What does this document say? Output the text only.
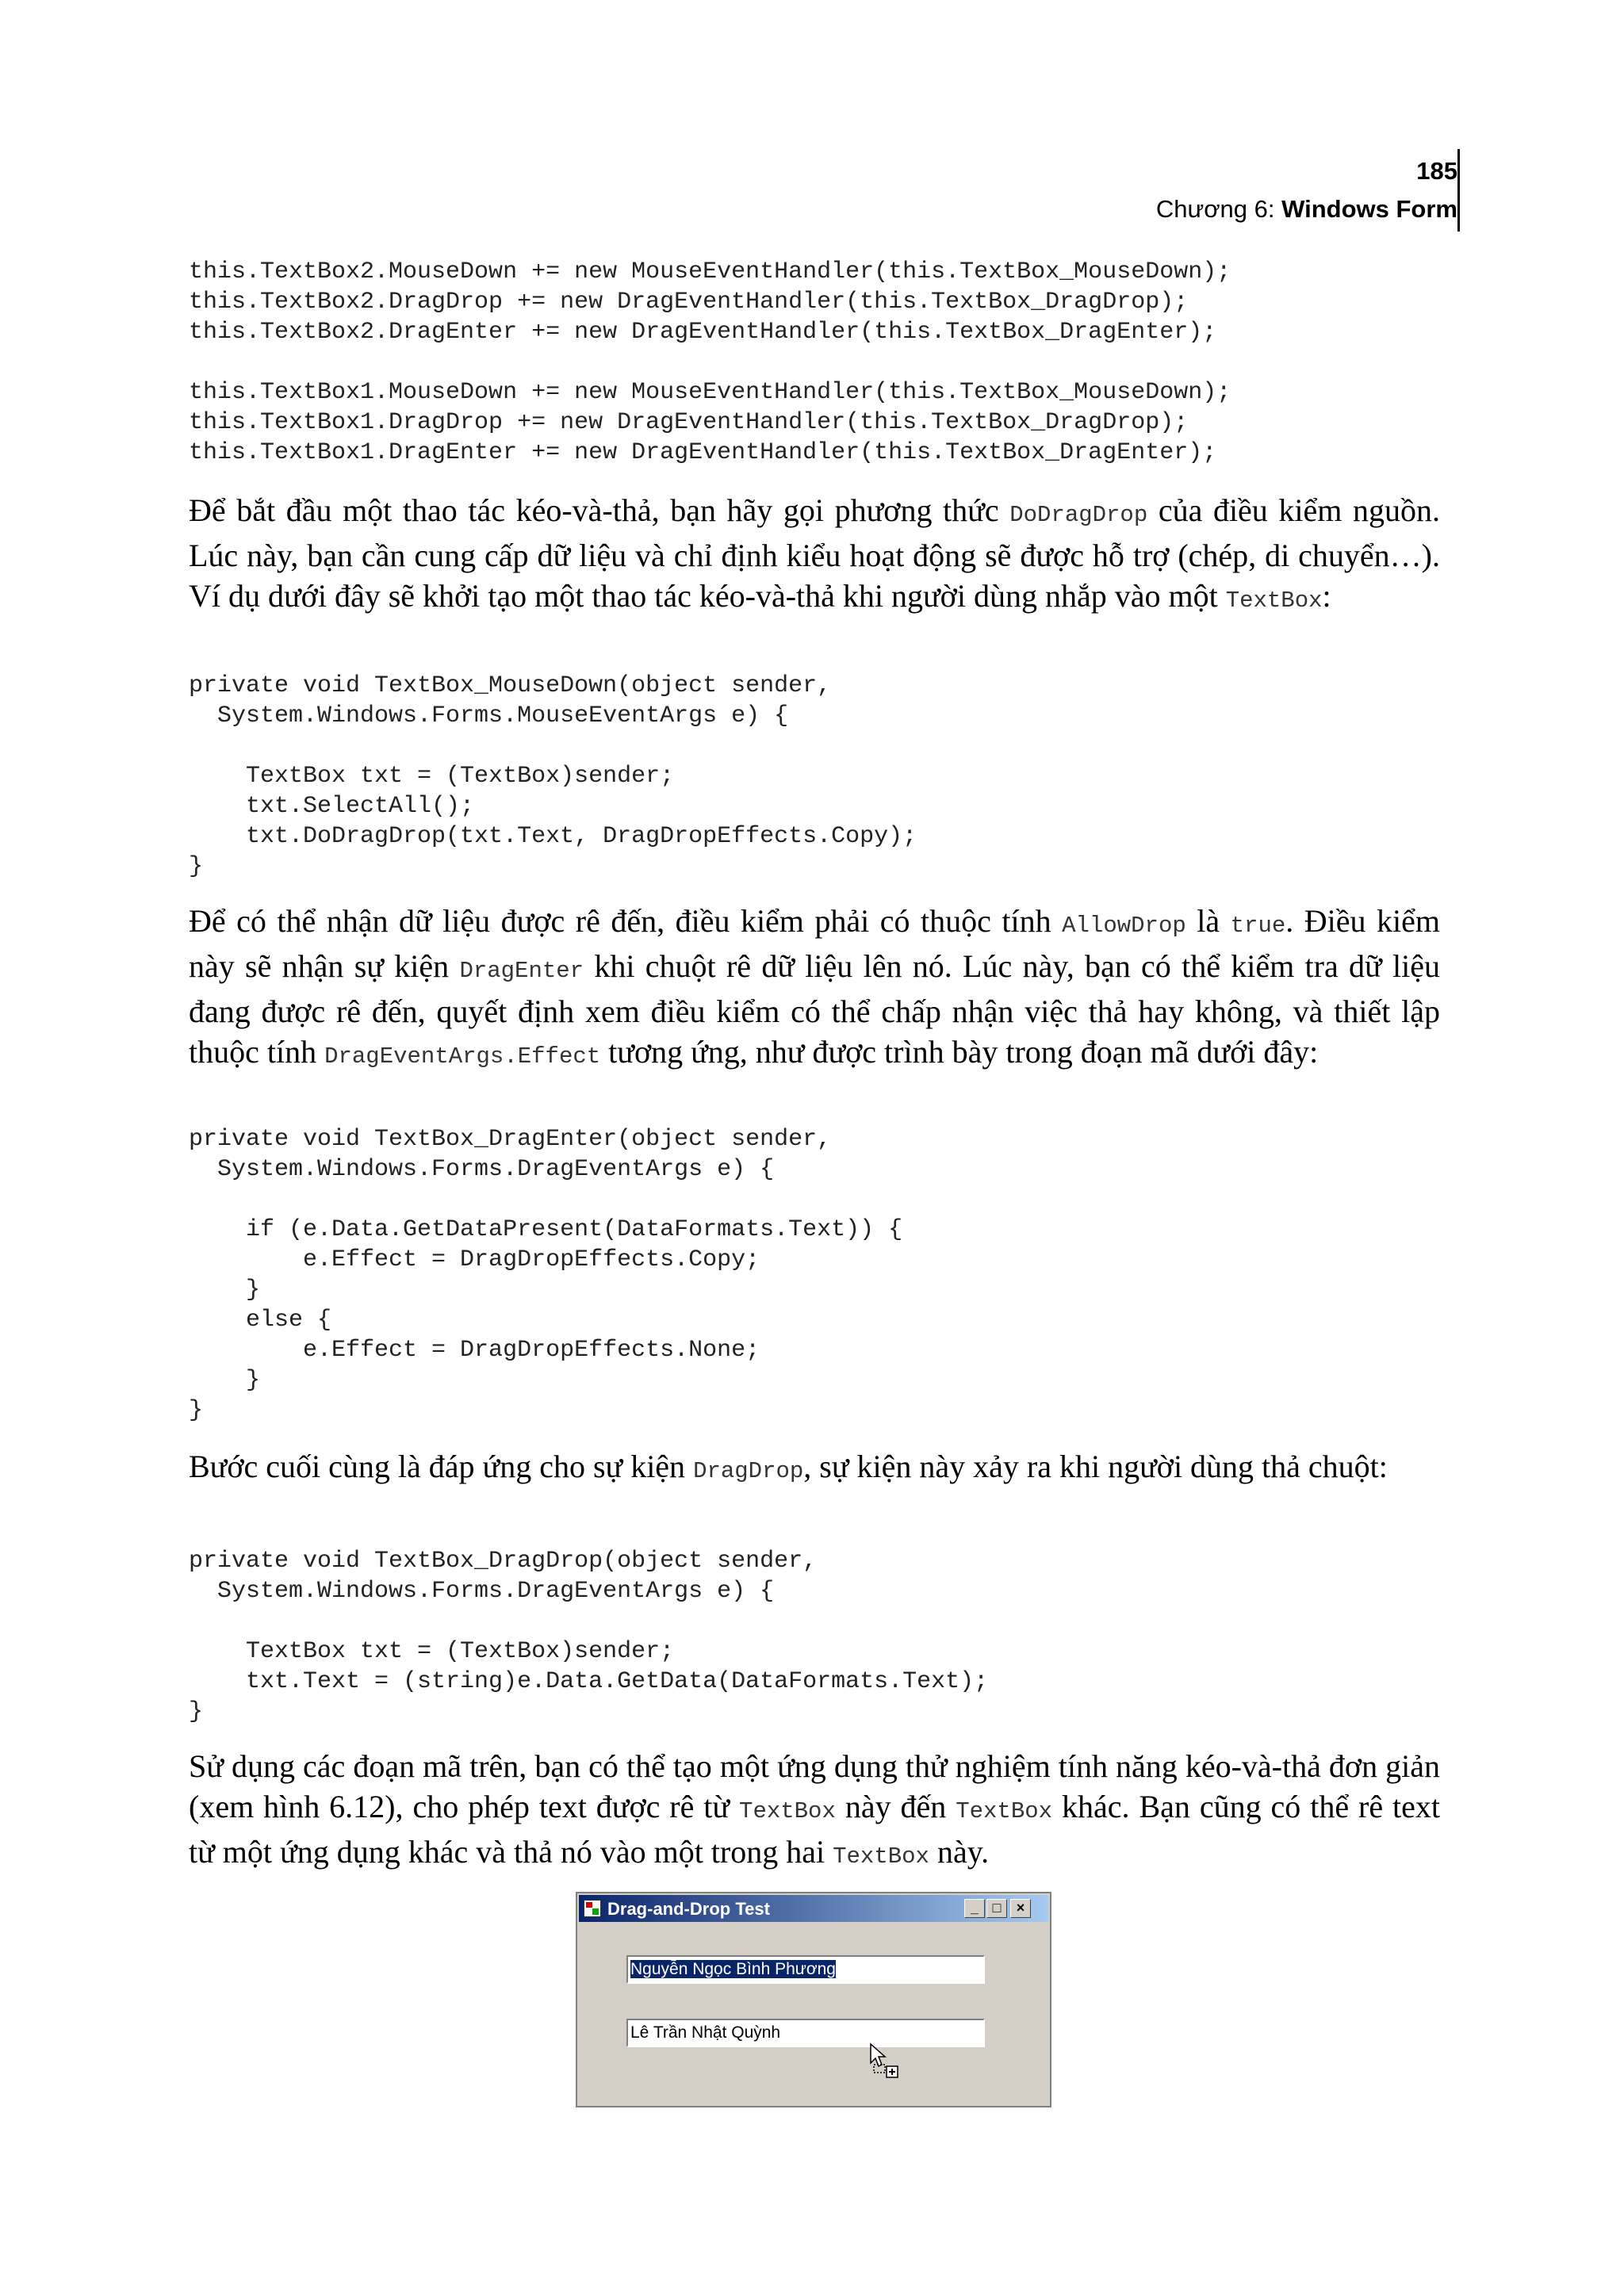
185
Chương 6: Windows Form
this.TextBox2.MouseDown += new MouseEventHandler(this.TextBox_MouseDown);
this.TextBox2.DragDrop += new DragEventHandler(this.TextBox_DragDrop);
this.TextBox2.DragEnter += new DragEventHandler(this.TextBox_DragEnter);

this.TextBox1.MouseDown += new MouseEventHandler(this.TextBox_MouseDown);
this.TextBox1.DragDrop += new DragEventHandler(this.TextBox_DragDrop);
this.TextBox1.DragEnter += new DragEventHandler(this.TextBox_DragEnter);

Để bắt đầu một thao tác kéo-và-thả, bạn hãy gọi phương thức DoDragDrop của điều kiểm nguồn. Lúc này, bạn cần cung cấp dữ liệu và chỉ định kiểu hoạt động sẽ được hỗ trợ (chép, di chuyển…). Ví dụ dưới đây sẽ khởi tạo một thao tác kéo-và-thả khi người dùng nhắp vào một TextBox:

private void TextBox_MouseDown(object sender,
System.Windows.Forms.MouseEventArgs e) {

TextBox txt = (TextBox)sender;
txt.SelectAll();
txt.DoDragDrop(txt.Text, DragDropEffects.Copy);
}

Để có thể nhận dữ liệu được rê đến, điều kiểm phải có thuộc tính AllowDrop là true. Điều kiểm này sẽ nhận sự kiện DragEnter khi chuột rê dữ liệu lên nó. Lúc này, bạn có thể kiểm tra dữ liệu đang được rê đến, quyết định xem điều kiểm có thể chấp nhận việc thả hay không, và thiết lập thuộc tính DragEventArgs.Effect tương ứng, như được trình bày trong đoạn mã dưới đây:

private void TextBox_DragEnter(object sender,
System.Windows.Forms.DragEventArgs e) {

if (e.Data.GetDataPresent(DataFormats.Text)) {
e.Effect = DragDropEffects.Copy;
}
else {
e.Effect = DragDropEffects.None;
}
}

Bước cuối cùng là đáp ứng cho sự kiện DragDrop, sự kiện này xảy ra khi người dùng thả chuột:

private void TextBox_DragDrop(object sender,
System.Windows.Forms.DragEventArgs e) {

TextBox txt = (TextBox)sender;
txt.Text = (string)e.Data.GetData(DataFormats.Text);
}

Sử dụng các đoạn mã trên, bạn có thể tạo một ứng dụng thử nghiệm tính năng kéo-và-thả đơn giản (xem hình 6.12), cho phép text được rê từ TextBox này đến TextBox khác. Bạn cũng có thể rê text từ một ứng dụng khác và thả nó vào một trong hai TextBox này.

Drag-and-Drop Test	_ □	×
Nguyễn Ngọc Bình Phương
Lê Trần Nhật Quỳnh
